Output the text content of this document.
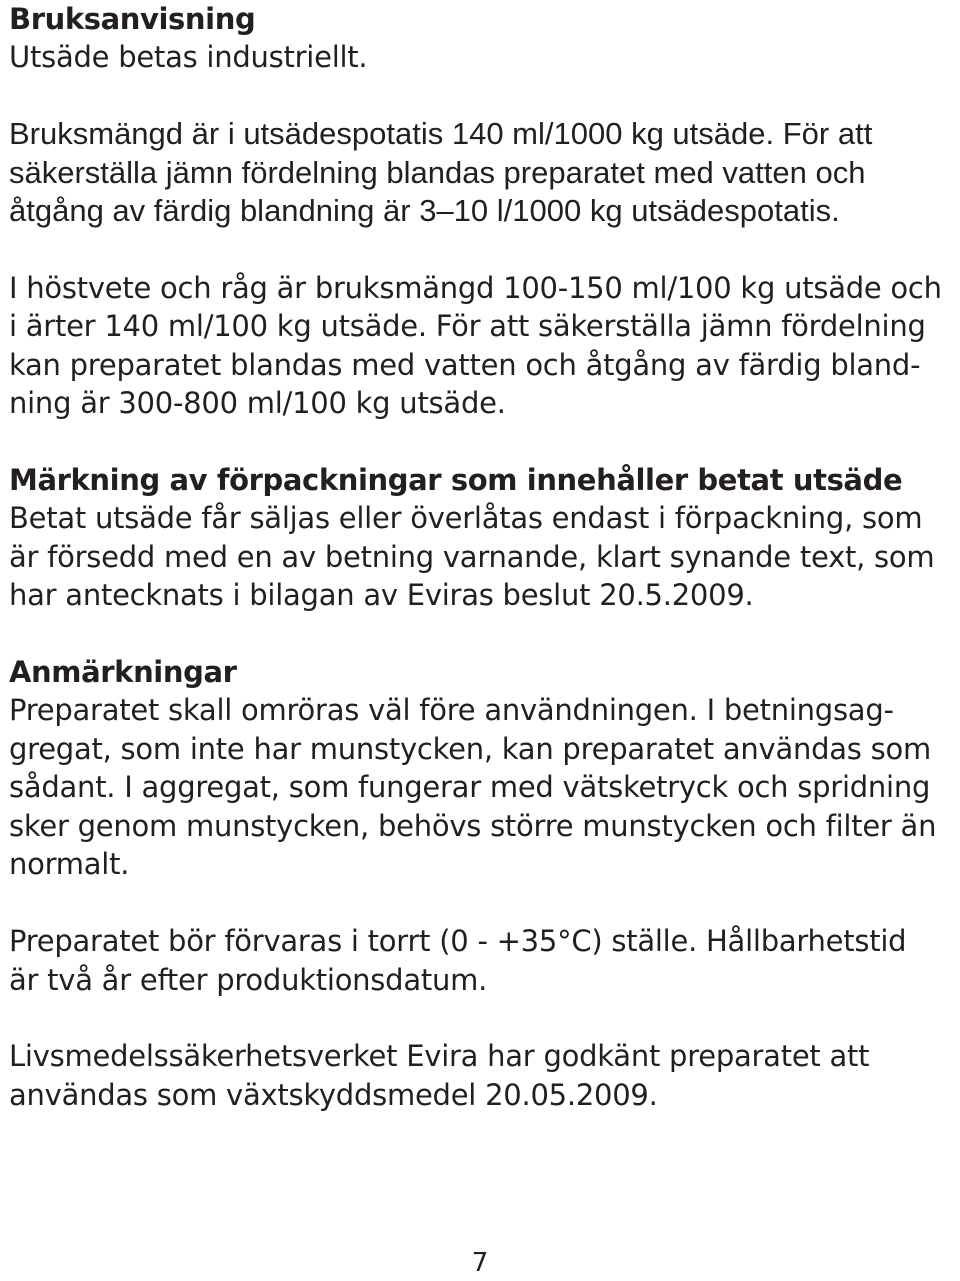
Bruksanvisning
Utsäde betas industriellt.
Bruksmängd är i utsädespotatis 140 ml/1000 kg utsäde. För att
säkerställa jämn fördelning blandas preparatet med vatten och
åtgång av färdig blandning är 3–10 l/1000 kg utsädespotatis.
I höstvete och råg är bruksmängd 100-150 ml/100 kg utsäde och
i ärter 140 ml/100 kg utsäde. För att säkerställa jämn fördelning
kan preparatet blandas med vatten och åtgång av färdig bland-
ning är 300-800 ml/100 kg utsäde.
Märkning av förpackningar som innehåller betat utsäde
Betat utsäde får säljas eller överlåtas endast i förpackning, som
är försedd med en av betning varnande, klart synande text, som
har antecknats i bilagan av Eviras beslut 20.5.2009.
Anmärkningar
Preparatet skall omröras väl före användningen. I betningsag-
gregat, som inte har munstycken, kan preparatet användas som
sådant. I aggregat, som fungerar med vätsketryck och spridning
sker genom munstycken, behövs större munstycken och filter än
normalt.
Preparatet bör förvaras i torrt (0 - +35°C) ställe. Hållbarhetstid
är två år efter produktionsdatum.
Livsmedelssäkerhetsverket Evira har godkänt preparatet att
användas som växtskyddsmedel 20.05.2009.
7
